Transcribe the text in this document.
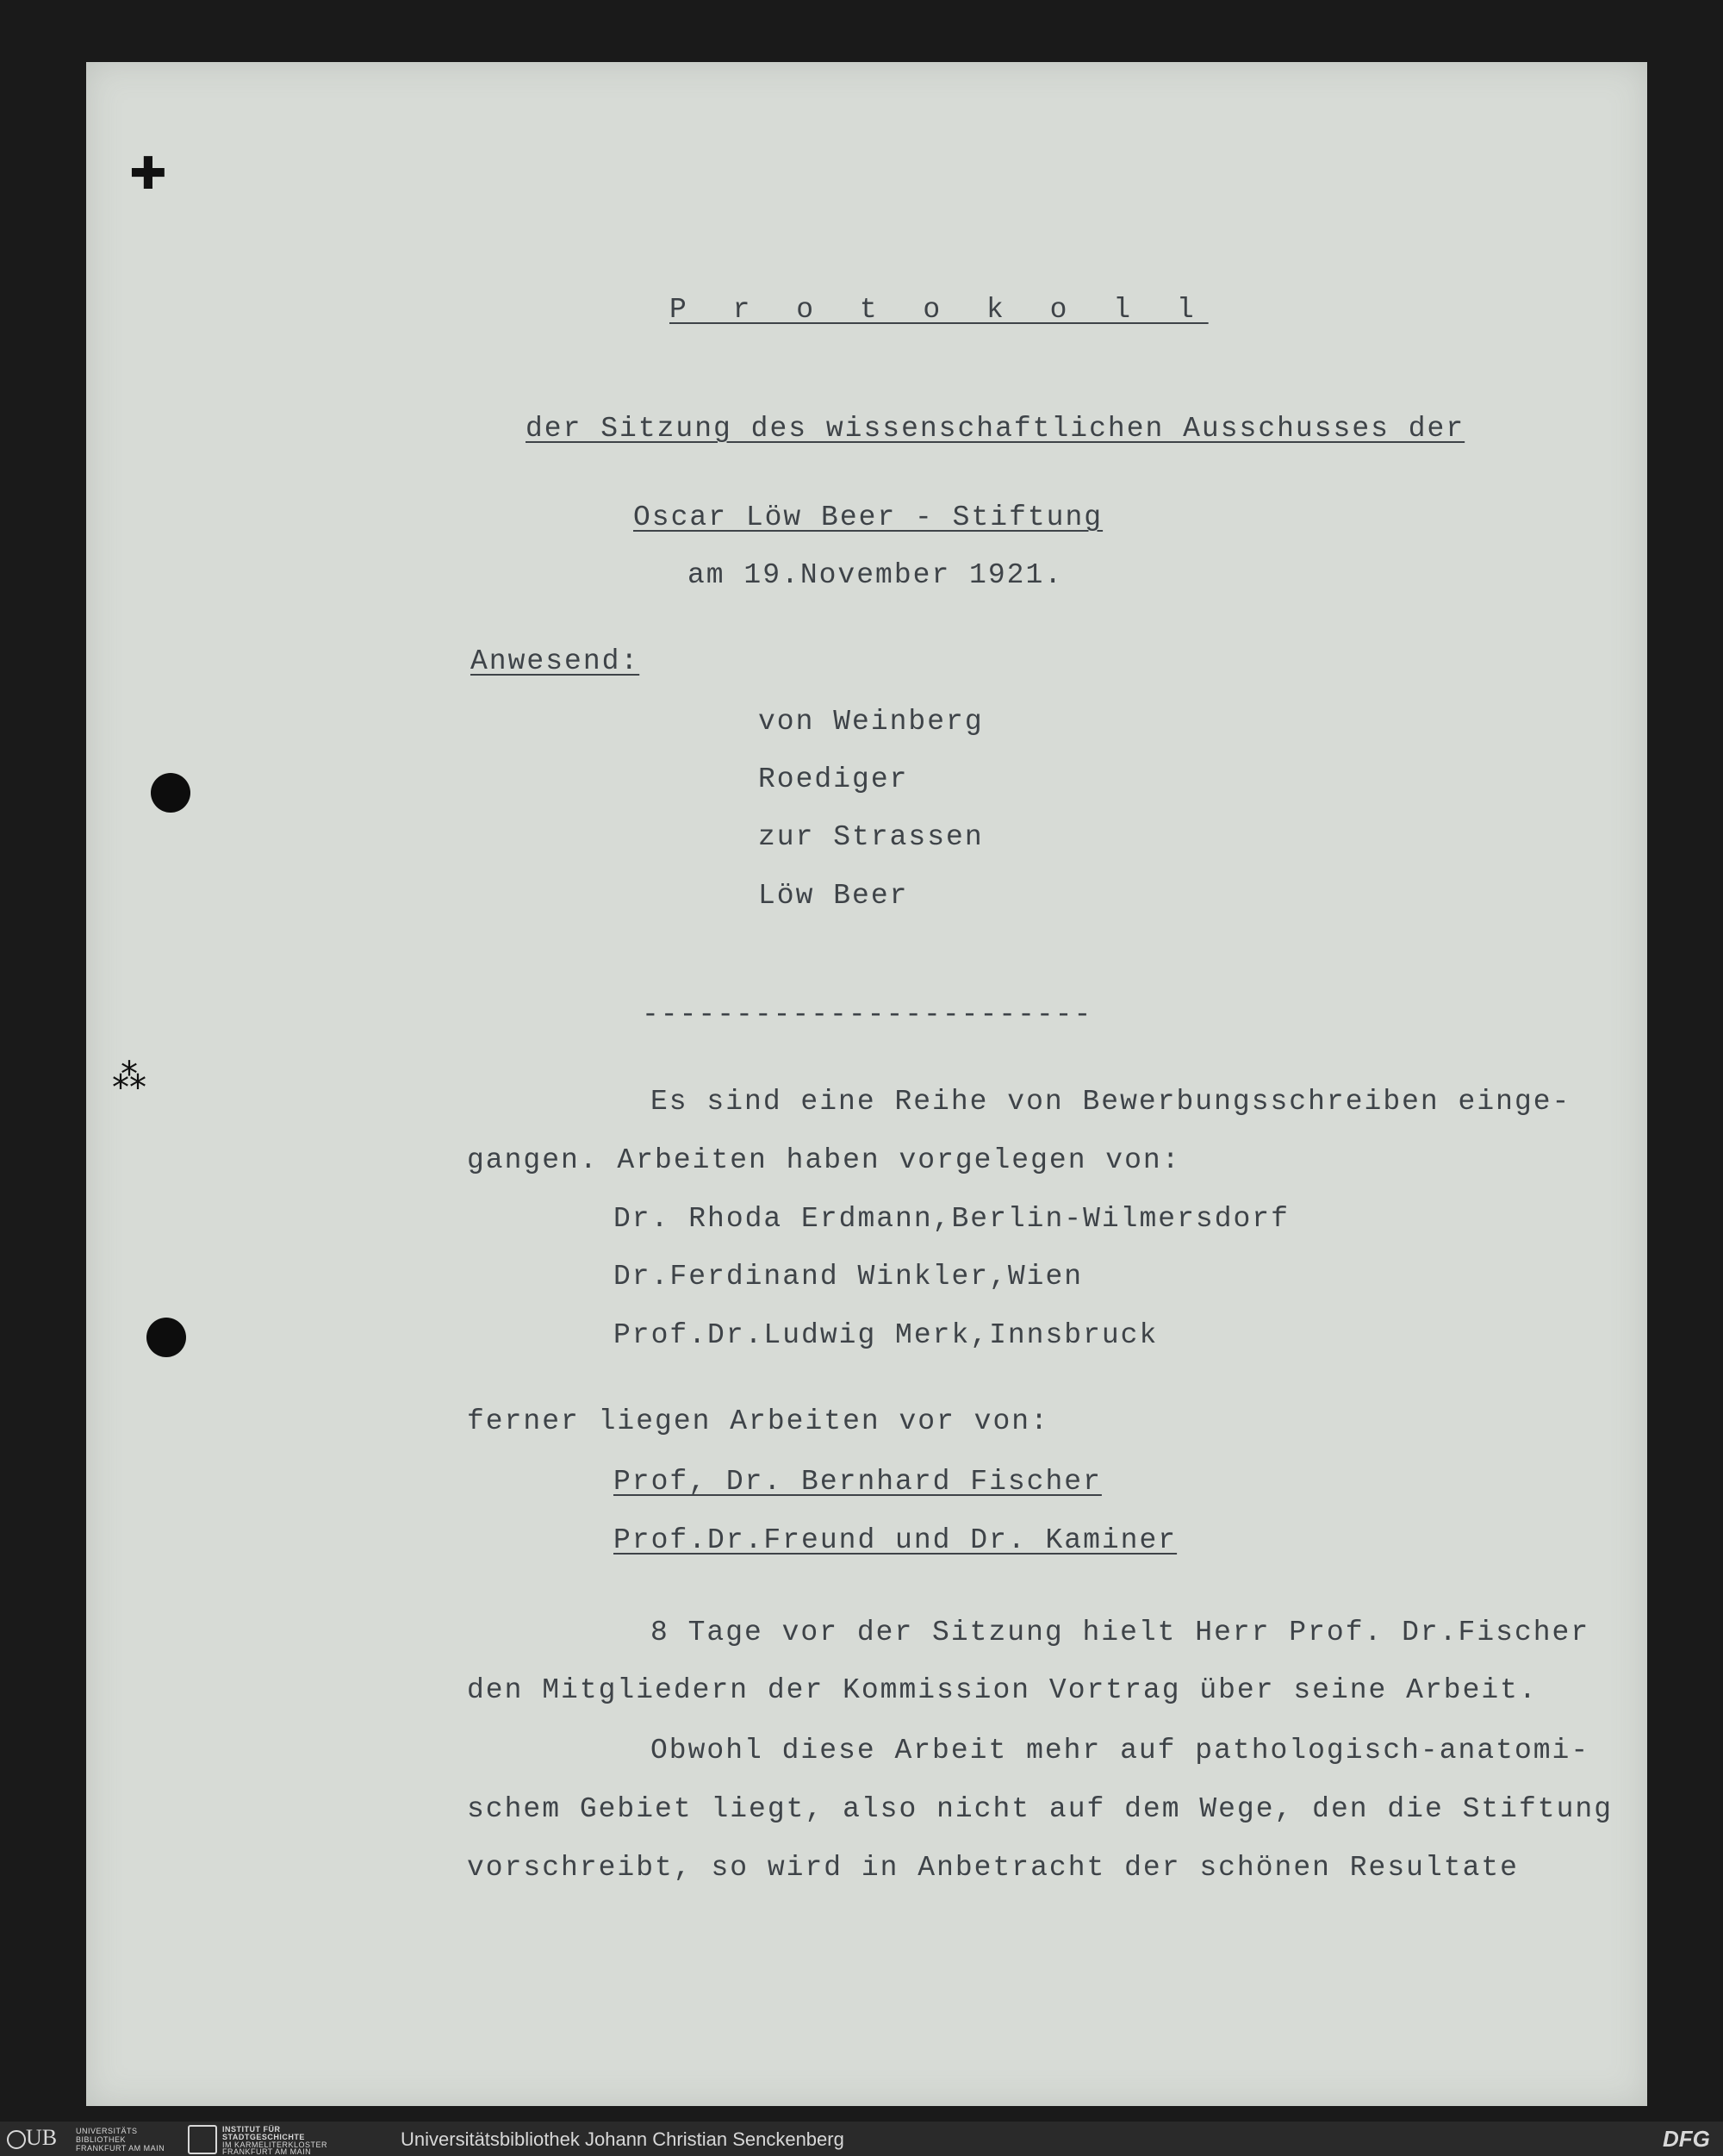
✚
⁂
P r o t o k o l l
der Sitzung des wissenschaftlichen Ausschusses der
Oscar Löw Beer - Stiftung
am 19.November 1921.
Anwesend:
von Weinberg
Roediger
zur Strassen
Löw Beer
------------------------
Es sind eine Reihe von Bewerbungsschreiben einge-
gangen. Arbeiten haben vorgelegen von:
Dr. Rhoda Erdmann,Berlin-Wilmersdorf
Dr.Ferdinand Winkler,Wien
Prof.Dr.Ludwig Merk,Innsbruck
ferner liegen Arbeiten vor von:
Prof, Dr. Bernhard Fischer
Prof.Dr.Freund und Dr. Kaminer
8 Tage vor der Sitzung hielt Herr Prof. Dr.Fischer
den Mitgliedern der Kommission Vortrag über seine Arbeit.
Obwohl diese Arbeit mehr auf pathologisch-anatomi-
schem Gebiet liegt, also nicht auf dem Wege, den die Stiftung
vorschreibt, so wird in Anbetracht der schönen Resultate
UB UNIVERSITÄTS
BIBLIOTHEK
FRANKFURT AM MAIN
INSTITUT FÜR
STADTGESCHICHTE
IM KARMELITERKLOSTER
FRANKFURT AM MAIN
Universitätsbibliothek Johann Christian Senckenberg	DFG
